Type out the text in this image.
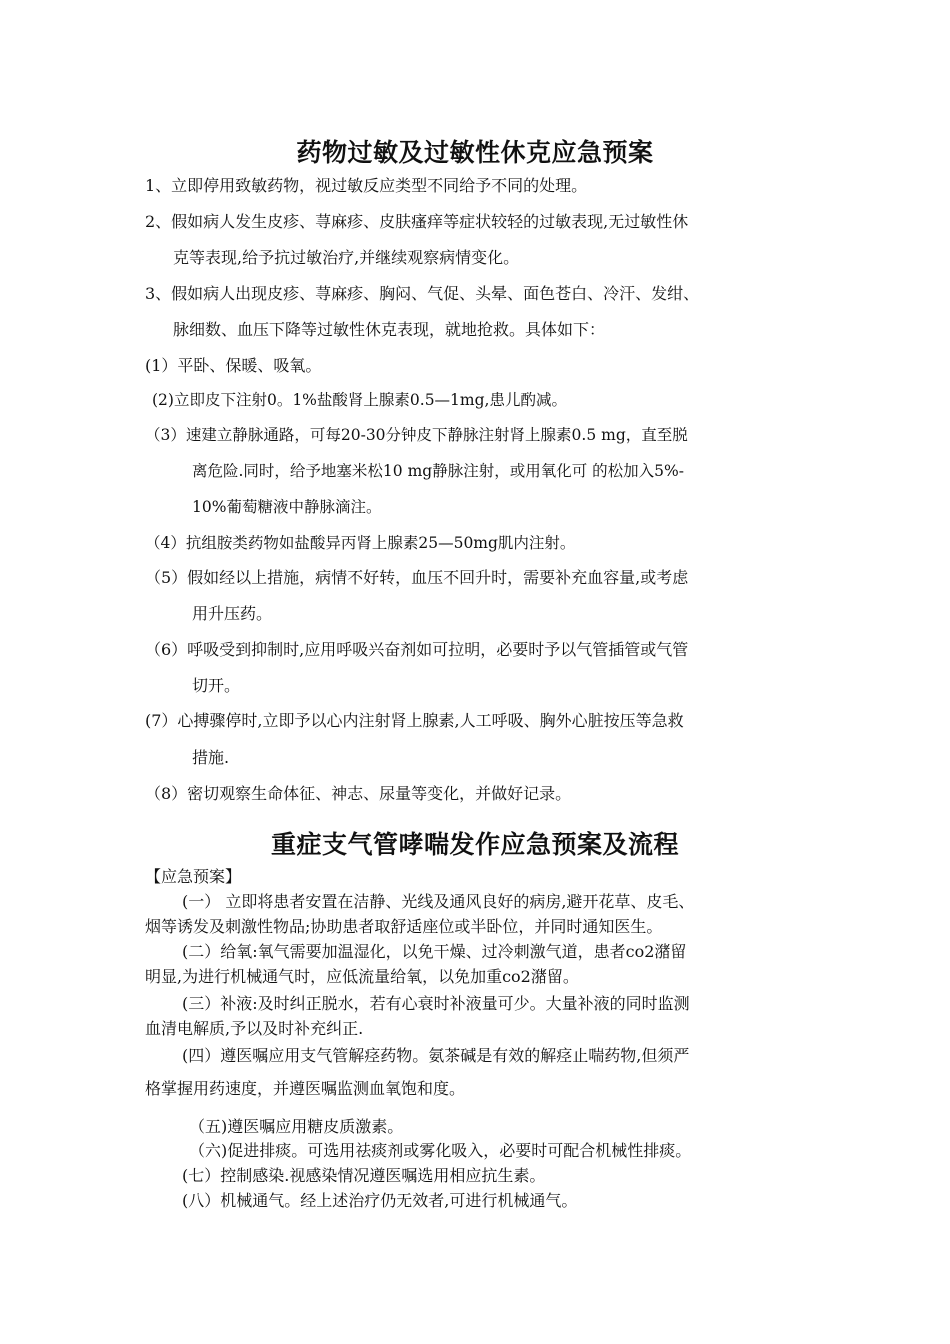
药物过敏及过敏性休克应急预案
1、立即停用致敏药物，视过敏反应类型不同给予不同的处理。
2、假如病人发生皮疹、荨麻疹、皮肤瘙痒等症状较轻的过敏表现,无过敏性休
克等表现,给予抗过敏治疗,并继续观察病情变化。
3、假如病人出现皮疹、荨麻疹、胸闷、气促、头晕、面色苍白、冷汗、发绀、
脉细数、血压下降等过敏性休克表现，就地抢救。具体如下：
(1）平卧、保暖、吸氧。
(2)立即皮下注射0。1%盐酸肾上腺素0.5—1mg,患儿酌减。
（3）速建立静脉通路，可每20-30分钟皮下静脉注射肾上腺素0.5 mg，直至脱
离危险.同时，给予地塞米松10 mg静脉注射，或用氧化可 的松加入5%-
10%葡萄糖液中静脉滴注。
（4）抗组胺类药物如盐酸异丙肾上腺素25—50mg肌内注射。
（5）假如经以上措施，病情不好转，血压不回升时，需要补充血容量,或考虑
用升压药。
（6）呼吸受到抑制时,应用呼吸兴奋剂如可拉明，必要时予以气管插管或气管
切开。
(7）心搏骤停时,立即予以心内注射肾上腺素,人工呼吸、胸外心脏按压等急救
措施.
（8）密切观察生命体征、神志、尿量等变化，并做好记录。
重症支气管哮喘发作应急预案及流程
【应急预案】
(一） 立即将患者安置在洁静、光线及通风良好的病房,避开花草、皮毛、
烟等诱发及刺激性物品;协助患者取舒适座位或半卧位，并同时通知医生。
(二）给氧:氧气需要加温湿化，以免干燥、过冷刺激气道，患者co2潴留
明显,为进行机械通气时，应低流量给氧，以免加重co2潴留。
(三）补液:及时纠正脱水，若有心衰时补液量可少。大量补液的同时监测
血清电解质,予以及时补充纠正.
(四）遵医嘱应用支气管解痉药物。氨茶碱是有效的解痉止喘药物,但须严
格掌握用药速度，并遵医嘱监测血氧饱和度。
（五)遵医嘱应用糖皮质激素。
（六)促进排痰。可选用祛痰剂或雾化吸入，必要时可配合机械性排痰。
(七）控制感染.视感染情况遵医嘱选用相应抗生素。
(八）机械通气。经上述治疗仍无效者,可进行机械通气。
